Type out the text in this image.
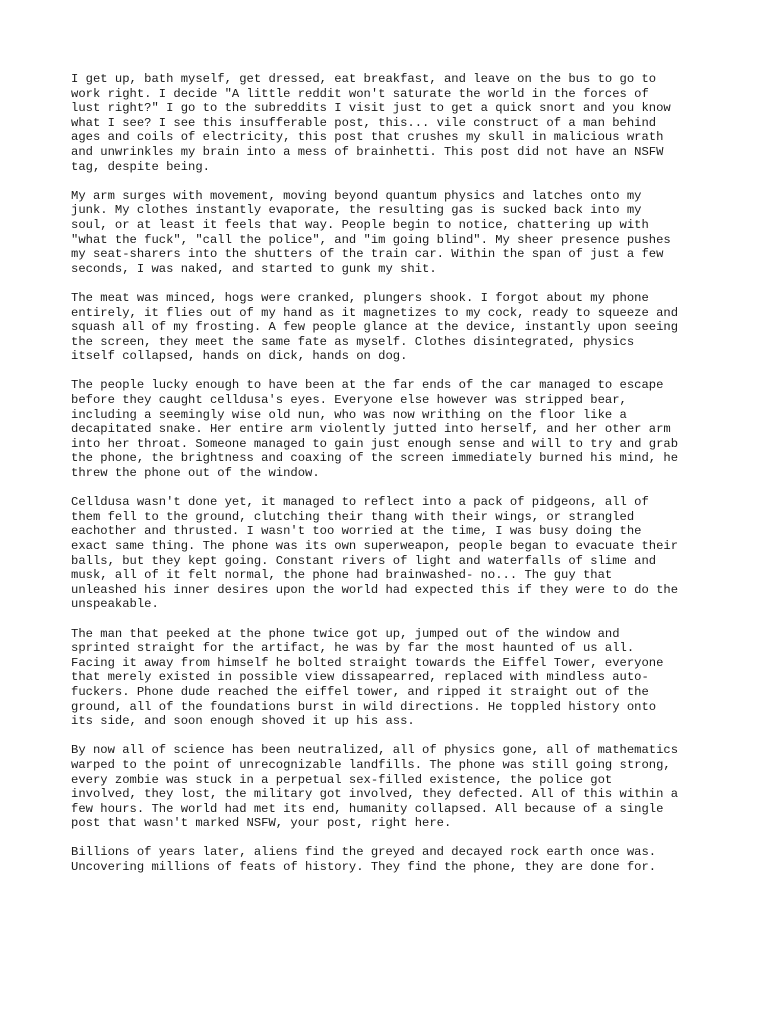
I get up, bath myself, get dressed, eat breakfast, and leave on the bus to go to
work right. I decide "A little reddit won't saturate the world in the forces of
lust right?" I go to the subreddits I visit just to get a quick snort and you know
what I see? I see this insufferable post, this... vile construct of a man behind
ages and coils of electricity, this post that crushes my skull in malicious wrath
and unwrinkles my brain into a mess of brainhetti. This post did not have an NSFW
tag, despite being.
My arm surges with movement, moving beyond quantum physics and latches onto my
junk. My clothes instantly evaporate, the resulting gas is sucked back into my
soul, or at least it feels that way. People begin to notice, chattering up with
"what the fuck", "call the police", and "im going blind". My sheer presence pushes
my seat-sharers into the shutters of the train car. Within the span of just a few
seconds, I was naked, and started to gunk my shit.
The meat was minced, hogs were cranked, plungers shook. I forgot about my phone
entirely, it flies out of my hand as it magnetizes to my cock, ready to squeeze and
squash all of my frosting. A few people glance at the device, instantly upon seeing
the screen, they meet the same fate as myself. Clothes disintegrated, physics
itself collapsed, hands on dick, hands on dog.
The people lucky enough to have been at the far ends of the car managed to escape
before they caught celldusa's eyes. Everyone else however was stripped bear,
including a seemingly wise old nun, who was now writhing on the floor like a
decapitated snake. Her entire arm violently jutted into herself, and her other arm
into her throat. Someone managed to gain just enough sense and will to try and grab
the phone, the brightness and coaxing of the screen immediately burned his mind, he
threw the phone out of the window.
Celldusa wasn't done yet, it managed to reflect into a pack of pidgeons, all of
them fell to the ground, clutching their thang with their wings, or strangled
eachother and thrusted. I wasn't too worried at the time, I was busy doing the
exact same thing. The phone was its own superweapon, people began to evacuate their
balls, but they kept going. Constant rivers of light and waterfalls of slime and
musk, all of it felt normal, the phone had brainwashed- no... The guy that
unleashed his inner desires upon the world had expected this if they were to do the
unspeakable.
The man that peeked at the phone twice got up, jumped out of the window and
sprinted straight for the artifact, he was by far the most haunted of us all.
Facing it away from himself he bolted straight towards the Eiffel Tower, everyone
that merely existed in possible view dissapearred, replaced with mindless auto-
fuckers. Phone dude reached the eiffel tower, and ripped it straight out of the
ground, all of the foundations burst in wild directions. He toppled history onto
its side, and soon enough shoved it up his ass.
By now all of science has been neutralized, all of physics gone, all of mathematics
warped to the point of unrecognizable landfills. The phone was still going strong,
every zombie was stuck in a perpetual sex-filled existence, the police got
involved, they lost, the military got involved, they defected. All of this within a
few hours. The world had met its end, humanity collapsed. All because of a single
post that wasn't marked NSFW, your post, right here.
Billions of years later, aliens find the greyed and decayed rock earth once was.
Uncovering millions of feats of history. They find the phone, they are done for.
